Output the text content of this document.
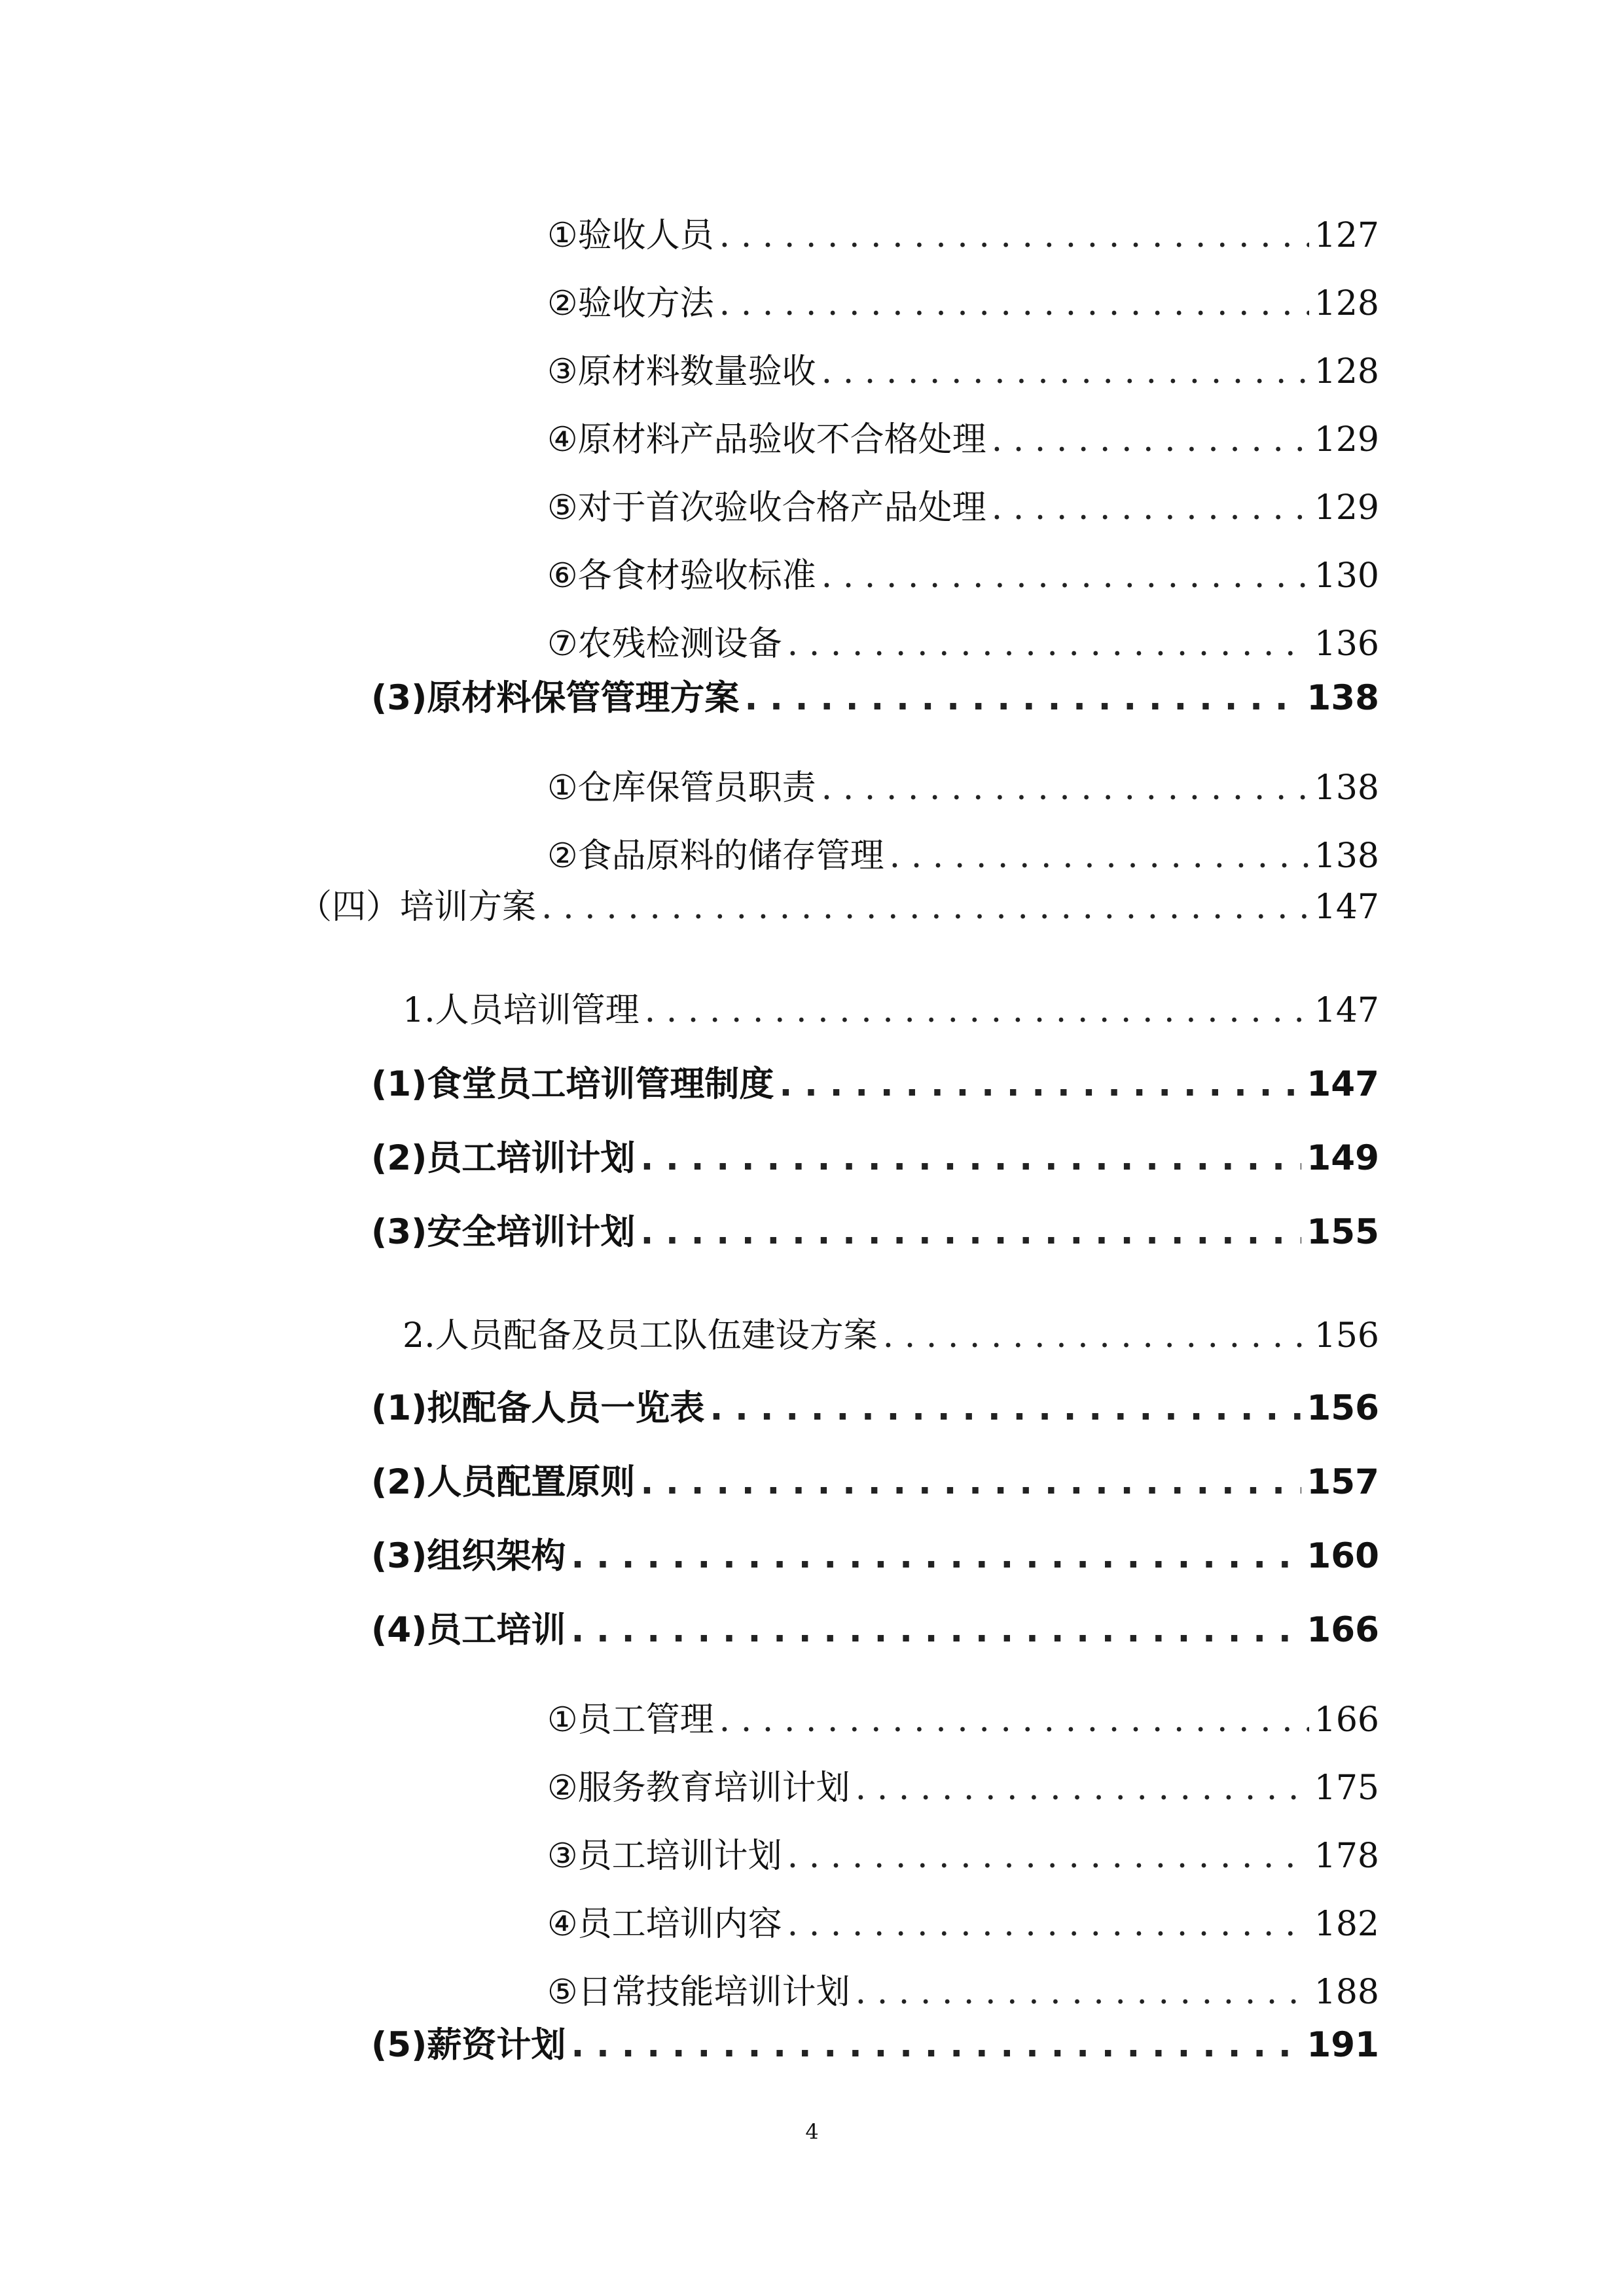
① 验收人员 . . .	127
② 验收方法 . . .	128
③ 原材料数量验收 . . .	128
④ 原材料产品验收不合格处理 . . .	129
⑤ 对于首次验收合格产品处理 . . .	129
⑥ 各食材验收标准 . . .	130
⑦ 农残检测设备 . . .	136
(3) 原材料保管管理方案 . . .	138
① 仓库保管员职责 . . .	138
② 食品原料的储存管理 . . .	138
（四） 培训方案 . . .	147
1. 人员培训管理 . . .	147
(1) 食堂员工培训管理制度 . . .	147
(2) 员工培训计划 . . .	149
(3) 安全培训计划 . . .	155
2. 人员配备及员工队伍建设方案 . . .	156
(1) 拟配备人员一览表 . . .	156
(2) 人员配置原则 . . .	157
(3) 组织架构 . . .	160
(4) 员工培训 . . .	166
① 员工管理 . . .	166
② 服务教育培训计划 . . .	175
③ 员工培训计划 . . .	178
④ 员工培训内容 . . .	182
⑤ 日常技能培训计划 . . .	188
(5) 薪资计划 . . .	191
4
